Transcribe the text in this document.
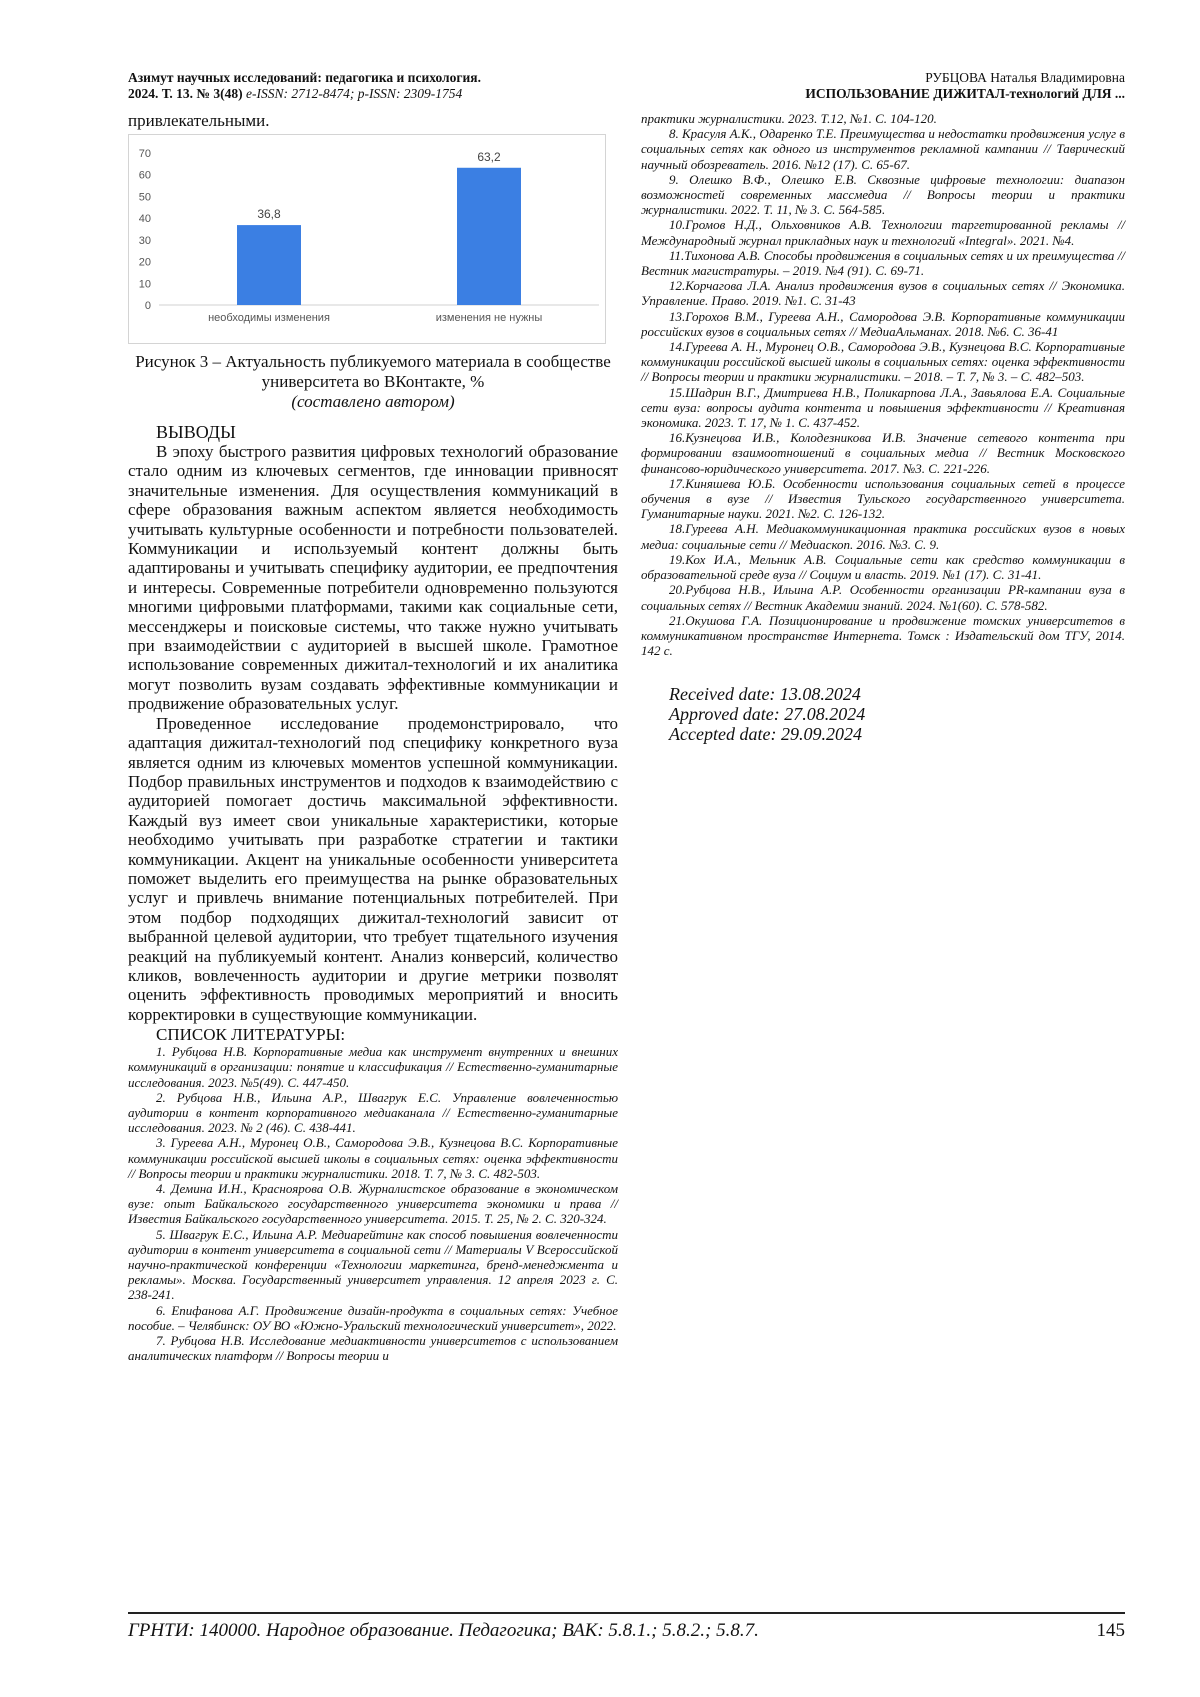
Азимут научных исследований: педагогика и психология.
2024. Т. 13. № 3(48) e-ISSN: 2712-8474; p-ISSN: 2309-1754
РУБЦОВА Наталья Владимировна
ИСПОЛЬЗОВАНИЕ ДИЖИТАЛ-технологий ДЛЯ ...
привлекательными.
0
10
20
30
40
50
60
70
36,8
необходимы изменения
63,2
изменения не нужны
Рисунок 3 – Актуальность публикуемого материала в сообществе университета во ВКонтакте, %
(составлено автором)
ВЫВОДЫ

В эпоху быстрого развития цифровых технологий образование стало одним из ключевых сегментов, где инновации привносят значительные изменения. Для осуществления коммуникаций в сфере образования важным аспектом является необходимость учитывать культурные особенности и потребности пользователей. Коммуникации и используемый контент должны быть адаптированы и учитывать специфику аудитории, ее предпочтения и интересы. Современные потребители одновременно пользуются многими цифровыми платформами, такими как социальные сети, мессенджеры и поисковые системы, что также нужно учитывать при взаимодействии с аудиторией в высшей школе. Грамотное использование современных дижитал-технологий и их аналитика могут позволить вузам создавать эффективные коммуникации и продвижение образовательных услуг.

Проведенное исследование продемонстрировало, что адаптация дижитал-технологий под специфику конкретного вуза является одним из ключевых моментов успешной коммуникации. Подбор правильных инструментов и подходов к взаимодействию с аудиторией помогает достичь максимальной эффективности. Каждый вуз имеет свои уникальные характеристики, которые необходимо учитывать при разработке стратегии и тактики коммуникации. Акцент на уникальные особенности университета поможет выделить его преимущества на рынке образовательных услуг и привлечь внимание потенциальных потребителей. При этом подбор подходящих дижитал-технологий зависит от выбранной целевой аудитории, что требует тщательного изучения реакций на публикуемый контент. Анализ конверсий, количество кликов, вовлеченность аудитории и другие метрики позволят оценить эффективность проводимых мероприятий и вносить корректировки в существующие коммуникации.

СПИСОК ЛИТЕРАТУРЫ:

1. Рубцова Н.В. Корпоративные медиа как инструмент внутренних и внешних коммуникаций в организации: понятие и классификация // Естественно-гуманитарные исследования. 2023. №5(49). С. 447-450.

2. Рубцова Н.В., Ильина А.Р., Швагрук Е.С. Управление вовлеченностью аудитории в контент корпоративного медиаканала // Естественно-гуманитарные исследования. 2023. № 2 (46). С. 438-441.

3. Гуреева А.Н., Муронец О.В., Самородова Э.В., Кузнецова В.С. Корпоративные коммуникации российской высшей школы в социальных сетях: оценка эффективности // Вопросы теории и практики журналистики. 2018. Т. 7, № 3. С. 482-503.

4. Демина И.Н., Красноярова О.В. Журналистское образование в экономическом вузе: опыт Байкальского государственного университета экономики и права // Известия Байкальского государственного университета. 2015. Т. 25, № 2. С. 320-324.

5. Швагрук Е.С., Ильина А.Р. Медиарейтинг как способ повышения вовлеченности аудитории в контент университета в социальной сети // Материалы V Всероссийской научно-практической конференции «Технологии маркетинга, бренд-менеджмента и рекламы». Москва. Государственный университет управления. 12 апреля 2023 г. С. 238-241.

6. Епифанова А.Г. Продвижение дизайн-продукта в социальных сетях: Учебное пособие. – Челябинск: ОУ ВО «Южно-Уральский технологический университет», 2022.

7. Рубцова Н.В. Исследование медиактивности университетов с использованием аналитических платформ // Вопросы теории и

практики журналистики. 2023. Т.12, №1. С. 104-120.

8. Красуля А.К., Одаренко Т.Е. Преимущества и недостатки продвижения услуг в социальных сетях как одного из инструментов рекламной кампании // Таврический научный обозреватель. 2016. №12 (17). С. 65-67.

9. Олешко В.Ф., Олешко Е.В. Сквозные цифровые технологии: диапазон возможностей современных массмедиа // Вопросы теории и практики журналистики. 2022. Т. 11, № 3. С. 564-585.

10.Громов Н.Д., Ольховников А.В. Технологии таргетированной рекламы // Международный журнал прикладных наук и технологий «Integral». 2021. №4.

11.Тихонова А.В. Способы продвижения в социальных сетях и их преимущества // Вестник магистратуры. – 2019. №4 (91). С. 69-71.

12.Корчагова Л.А. Анализ продвижения вузов в социальных сетях // Экономика. Управление. Право. 2019. №1. С. 31-43

13.Горохов В.М., Гуреева А.Н., Самородова Э.В. Корпоративные коммуникации российских вузов в социальных сетях // МедиаАльманах. 2018. №6. С. 36-41

14.Гуреева А. Н., Муронец О.В., Самородова Э.В., Кузнецова В.С. Корпоративные коммуникации российской высшей школы в социальных сетях: оценка эффективности // Вопросы теории и практики журналистики. – 2018. – Т. 7, № 3. – С. 482–503.

15.Шадрин В.Г., Дмитриева Н.В., Поликарпова Л.А., Завьялова Е.А. Социальные сети вуза: вопросы аудита контента и повышения эффективности // Креативная экономика. 2023. Т. 17, № 1. С. 437-452.

16.Кузнецова И.В., Колодезникова И.В. Значение сетевого контента при формировании взаимоотношений в социальных медиа // Вестник Московского финансово-юридического университета. 2017. №3. С. 221-226.

17.Киняшева Ю.Б. Особенности использования социальных сетей в процессе обучения в вузе // Известия Тульского государственного университета. Гуманитарные науки. 2021. №2. С. 126-132.

18.Гуреева А.Н. Медиакоммуникационная практика российских вузов в новых медиа: социальные сети // Медиаскоп. 2016. №3. С. 9.

19.Кох И.А., Мельник А.В. Социальные сети как средство коммуникации в образовательной среде вуза // Социум и власть. 2019. №1 (17). С. 31-41.

20.Рубцова Н.В., Ильина А.Р. Особенности организации PR-кампании вуза в социальных сетях // Вестник Академии знаний. 2024. №1(60). С. 578-582.

21.Окушова Г.А. Позиционирование и продвижение томских университетов в коммуникативном пространстве Интернета. Томск : Издательский дом ТГУ, 2014. 142 с.

Received date: 13.08.2024
Approved date: 27.08.2024
Accepted date: 29.09.2024
ГРНТИ: 140000. Народное образование. Педагогика; ВАК: 5.8.1.; 5.8.2.; 5.8.7.	145
